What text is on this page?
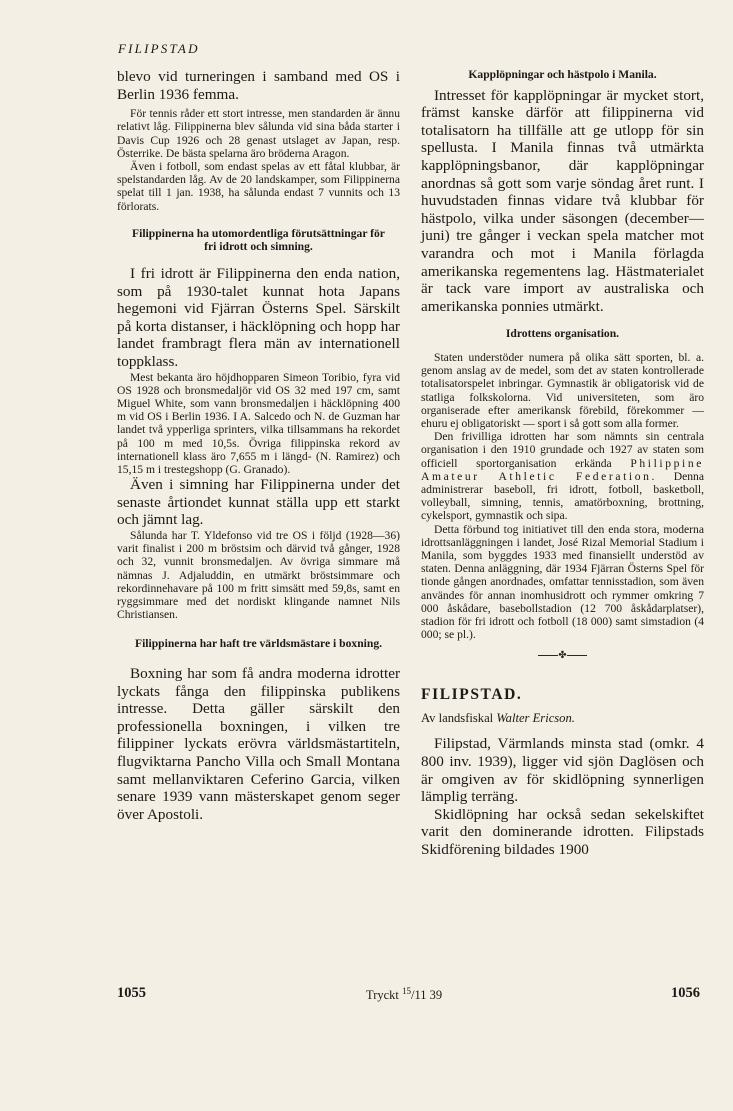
FILIPSTAD

blevo vid turneringen i samband med OS i Berlin 1936 femma.

För tennis råder ett stort intresse, men standarden är ännu relativt låg. Filippinerna blev sålunda vid sina båda starter i Davis Cup 1926 och 28 genast utslaget av Japan, resp. Österrike. De bästa spelarna äro bröderna Aragon.

Även i fotboll, som endast spelas av ett fåtal klubbar, är spelstandarden låg. Av de 20 landskamper, som Filippinerna spelat till 1 jan. 1938, ha sålunda endast 7 vunnits och 13 förlorats.

Filippinerna ha utomordentliga förutsättningar för fri idrott och simning.

I fri idrott är Filippinerna den enda nation, som på 1930-talet kunnat hota Japans hegemoni vid Fjärran Österns Spel. Särskilt på korta distanser, i häcklöpning och hopp har landet frambragt flera män av internationell toppklass.

Mest bekanta äro höjdhopparen Simeon Toribio, fyra vid OS 1928 och bronsmedaljör vid OS 32 med 197 cm, samt Miguel White, som vann bronsmedaljen i häcklöpning 400 m vid OS i Berlin 1936. I A. Salcedo och N. de Guzman har landet två ypperliga sprinters, vilka tillsammans ha rekordet på 100 m med 10,5s. Övriga filippinska rekord av internationell klass äro 7,655 m i längd- (N. Ramirez) och 15,15 m i trestegshopp (G. Granado).

Även i simning har Filippinerna under det senaste årtiondet kunnat ställa upp ett starkt och jämnt lag.

Sålunda har T. Yldefonso vid tre OS i följd (1928—36) varit finalist i 200 m bröstsim och därvid två gånger, 1928 och 32, vunnit bronsmedaljen. Av övriga simmare må nämnas J. Adjaluddin, en utmärkt bröstsimmare och rekordinnehavare på 100 m fritt simsätt med 59,8s, samt en ryggsimmare med det nordiskt klingande namnet Nils Christiansen.

Filippinerna har haft tre världsmästare i boxning.

Boxning har som få andra moderna idrotter lyckats fånga den filippinska publikens intresse. Detta gäller särskilt den professionella boxningen, i vilken tre filippiner lyckats erövra världsmästartiteln, flugviktarna Pancho Villa och Small Montana samt mellanviktaren Ceferino Garcia, vilken senare 1939 vann mästerskapet genom seger över Apostoli.

Kapplöpningar och hästpolo i Manila.

Intresset för kapplöpningar är mycket stort, främst kanske därför att filippinerna vid totalisatorn ha tillfälle att ge utlopp för sin spellusta. I Manila finnas två utmärkta kapplöpningsbanor, där kapplöpningar anordnas så gott som varje söndag året runt. I huvudstaden finnas vidare två klubbar för hästpolo, vilka under säsongen (december—juni) tre gånger i veckan spela matcher mot varandra och mot i Manila förlagda amerikanska regementens lag. Hästmaterialet är tack vare import av australiska och amerikanska ponnies utmärkt.

Idrottens organisation.

Staten understöder numera på olika sätt sporten, bl. a. genom anslag av de medel, som det av staten kontrollerade totalisatorspelet inbringar. Gymnastik är obligatorisk vid de statliga folkskolorna. Vid universiteten, som äro organiserade efter amerikansk förebild, förekommer — ehuru ej obligatoriskt — sport i så gott som alla former.

Den frivilliga idrotten har som nämnts sin centrala organisation i den 1910 grundade och 1927 av staten som officiell sportorganisation erkända Philippine Amateur Athletic Federation. Denna administrerar baseboll, fri idrott, fotboll, basketboll, volleyball, simning, tennis, amatörboxning, brottning, cykelsport, gymnastik och sipa.

Detta förbund tog initiativet till den enda stora, moderna idrottsanläggningen i landet, José Rizal Memorial Stadium i Manila, som byggdes 1933 med finansiellt understöd av staten. Denna anläggning, där 1934 Fjärran Österns Spel för tionde gången anordnades, omfattar tennisstadion, som även användes för annan inomhusidrott och rymmer omkring 7 000 åskådare, basebollstadion (12 700 åskådarplatser), stadion för fri idrott och fotboll (18 000) samt simstadion (4 000; se pl.).

✤

FILIPSTAD.

Av landsfiskal Walter Ericson.

Filipstad, Värmlands minsta stad (omkr. 4 800 inv. 1939), ligger vid sjön Daglösen och är omgiven av för skidlöpning synnerligen lämplig terräng.

Skidlöpning har också sedan sekelskiftet varit den dominerande idrotten. Filipstads Skidförening bildades 1900

1055	Tryckt $^{15}$/11 39	1056
